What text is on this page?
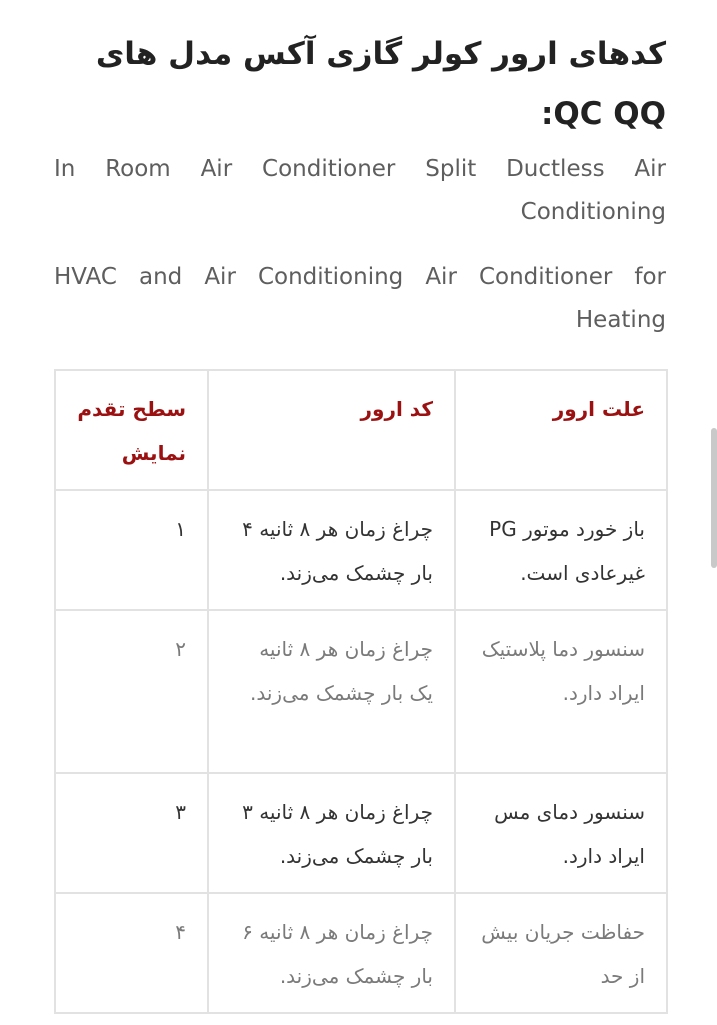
کدهای ارور کولر گازی آکس مدل های QC QQ:

In Room Air Conditioner Split Ductless Air Conditioning

HVAC and Air Conditioning Air Conditioner for Heating

علت ارور	کد ارور	سطح تقدم نمایش
باز خورد موتور PG غیرعادی است.	چراغ زمان هر ۸ ثانیه ۴ بار چشمک می‌زند.	۱
سنسور دما پلاستیک ایراد دارد.	چراغ زمان هر ۸ ثانیه یک بار چشمک می‌زند.	۲
سنسور دمای مس ایراد دارد.	چراغ زمان هر ۸ ثانیه ۳ بار چشمک می‌زند.	۳
حفاظت جریان بیش از حد	چراغ زمان هر ۸ ثانیه ۶ بار چشمک می‌زند.	۴
